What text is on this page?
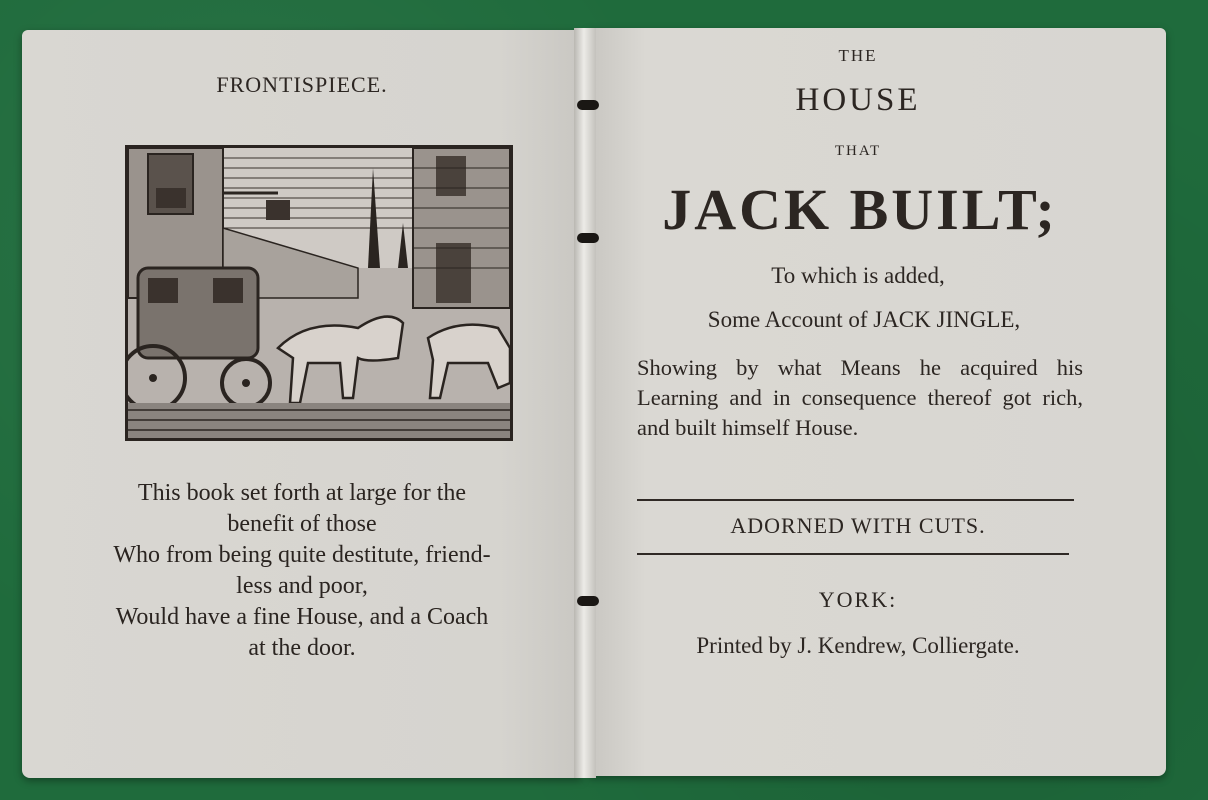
FRONTISPIECE.
This book set forth at large for the
benefit of those
Who from being quite destitute, friend-
less and poor,
Would have a fine House, and a Coach
at the door.
THE
HOUSE
THAT
JACK BUILT;
To which is added,
Some Account of JACK JINGLE,
Showing by what Means he acquired his Learning and in consequence thereof got rich, and built himself House.
ADORNED WITH CUTS.
YORK:
Printed by J. Kendrew, Colliergate.
